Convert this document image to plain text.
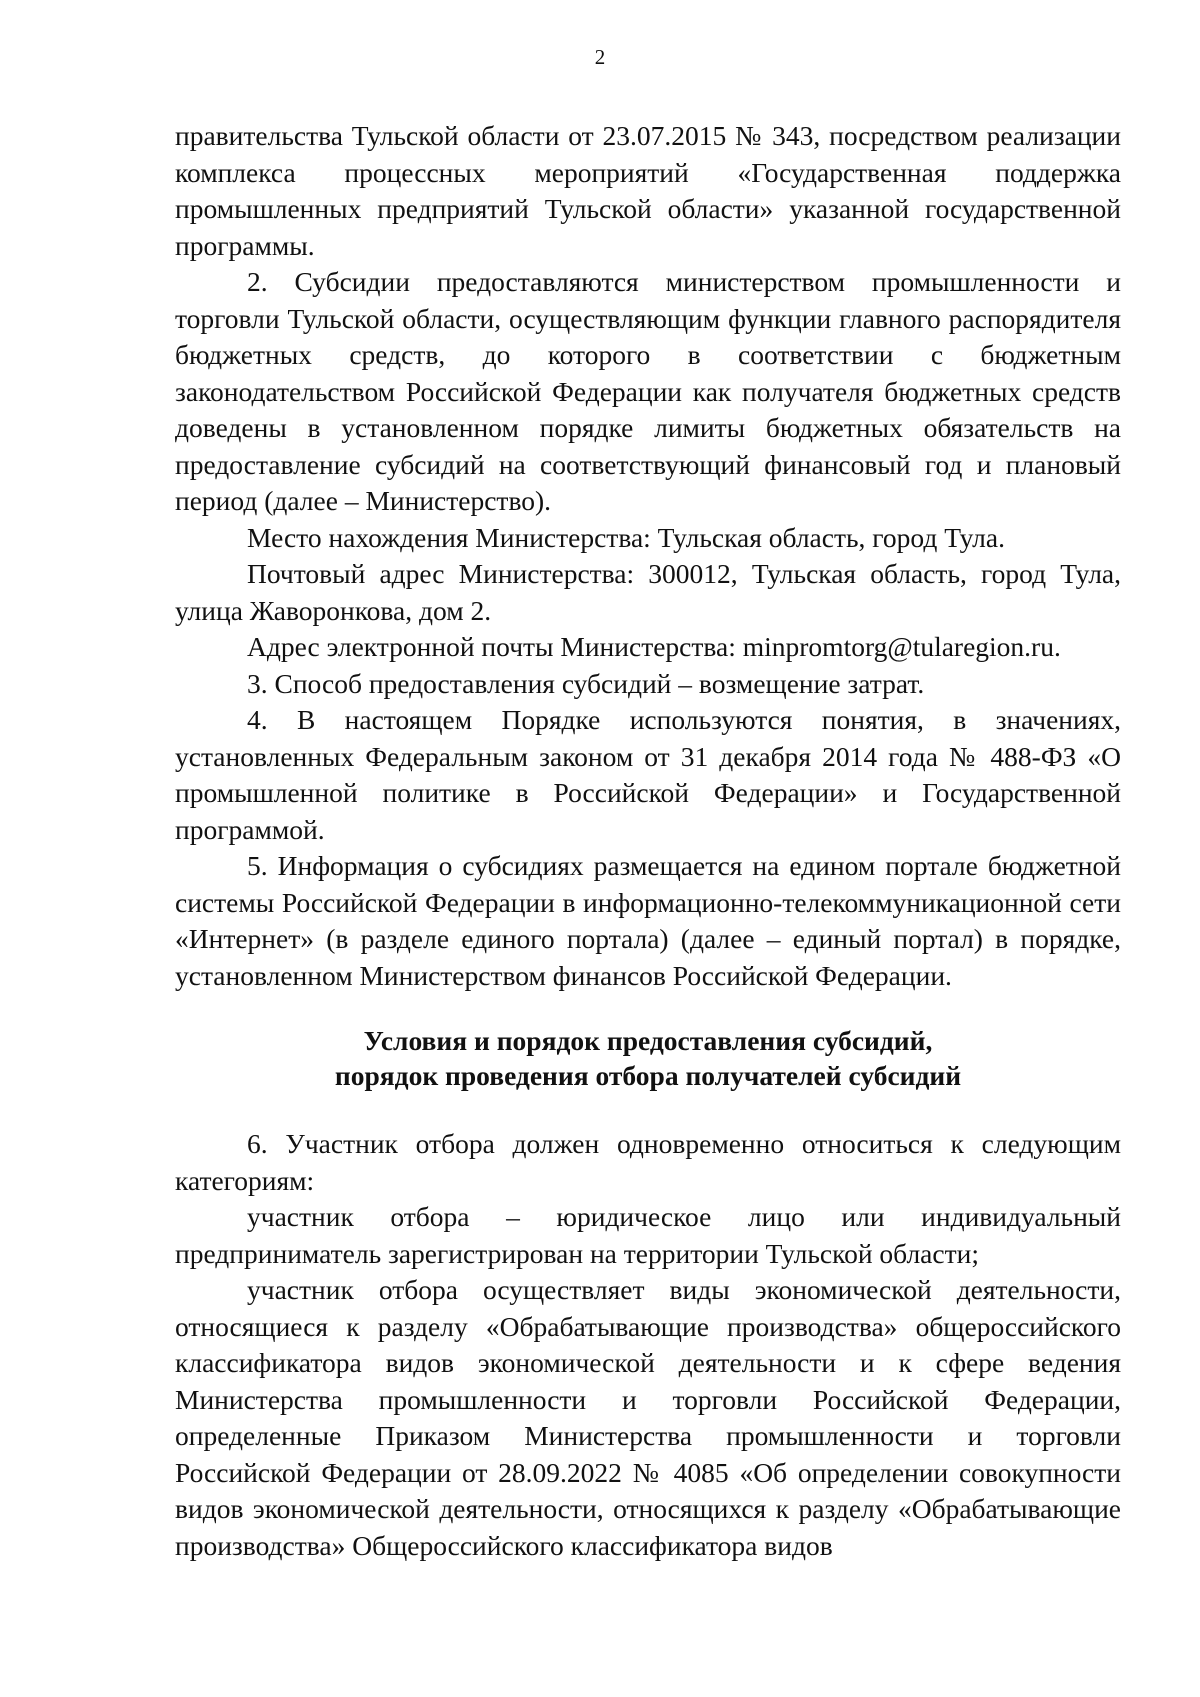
2

правительства Тульской области от 23.07.2015 № 343, посредством реализации комплекса процессных мероприятий «Государственная поддержка промышленных предприятий Тульской области» указанной государственной программы.

2. Субсидии предоставляются министерством промышленности и торговли Тульской области, осуществляющим функции главного распорядителя бюджетных средств, до которого в соответствии с бюджетным законодательством Российской Федерации как получателя бюджетных средств доведены в установленном порядке лимиты бюджетных обязательств на предоставление субсидий на соответствующий финансовый год и плановый период (далее – Министерство).

Место нахождения Министерства: Тульская область, город Тула.

Почтовый адрес Министерства: 300012, Тульская область, город Тула, улица Жаворонкова, дом 2.

Адрес электронной почты Министерства: minpromtorg@tularegion.ru.

3. Способ предоставления субсидий – возмещение затрат.

4. В настоящем Порядке используются понятия, в значениях, установленных Федеральным законом от 31 декабря 2014 года № 488-ФЗ «О промышленной политике в Российской Федерации» и Государственной программой.

5. Информация о субсидиях размещается на едином портале бюджетной системы Российской Федерации в информационно-телекоммуникационной сети «Интернет» (в разделе единого портала) (далее – единый портал) в порядке, установленном Министерством финансов Российской Федерации.

Условия и порядок предоставления субсидий,
порядок проведения отбора получателей субсидий

6. Участник отбора должен одновременно относиться к следующим категориям:

участник отбора – юридическое лицо или индивидуальный предприниматель зарегистрирован на территории Тульской области;

участник отбора осуществляет виды экономической деятельности, относящиеся к разделу «Обрабатывающие производства» общероссийского классификатора видов экономической деятельности и к сфере ведения Министерства промышленности и торговли Российской Федерации, определенные Приказом Министерства промышленности и торговли Российской Федерации от 28.09.2022 № 4085 «Об определении совокупности видов экономической деятельности, относящихся к разделу «Обрабатывающие производства» Общероссийского классификатора видов
